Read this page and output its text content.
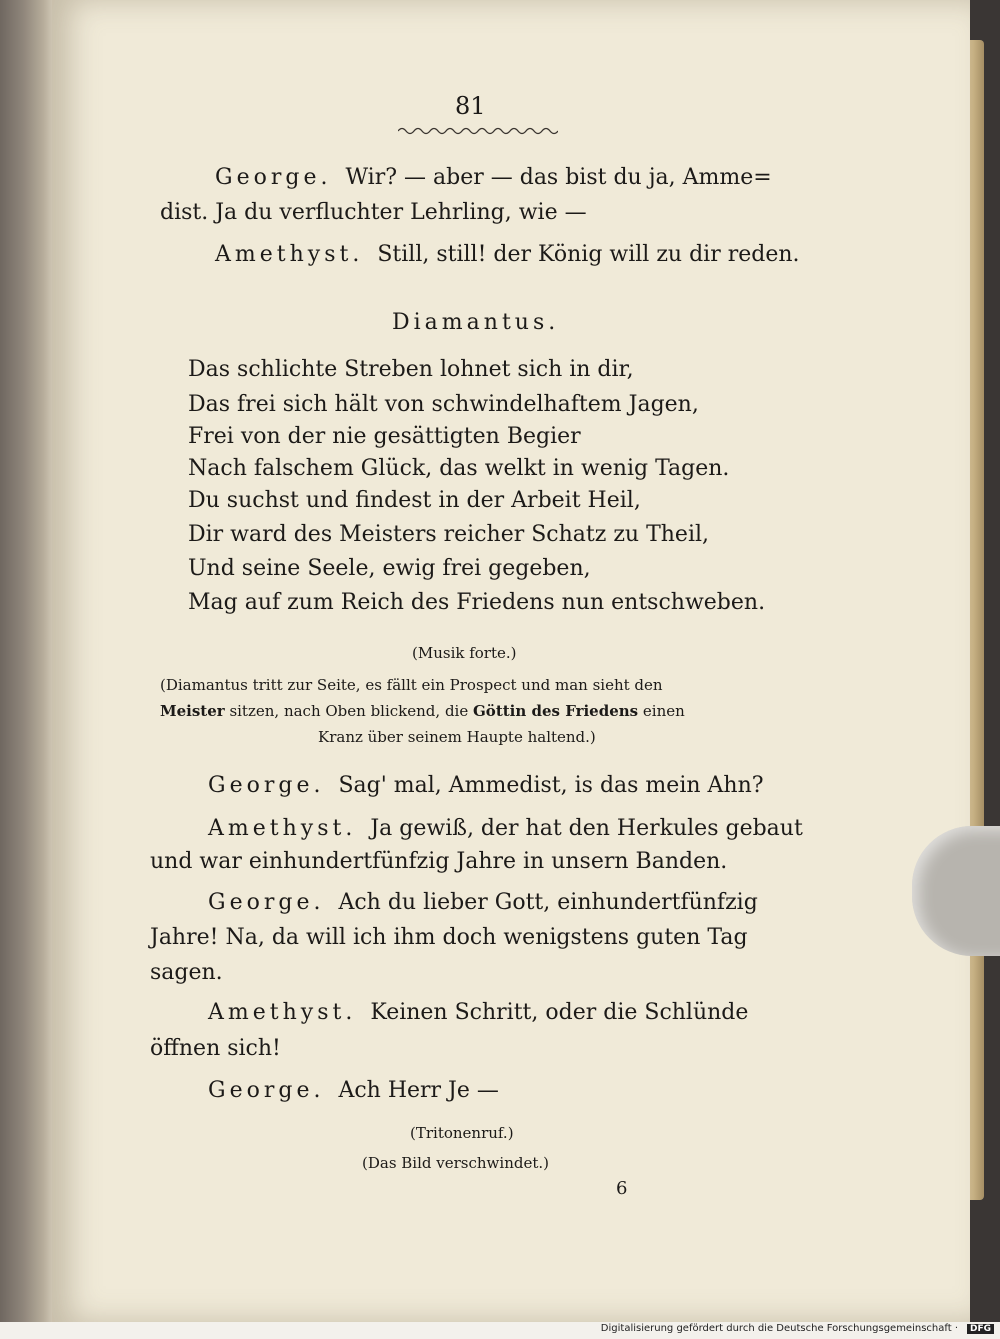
81
George. Wir? — aber — das bist du ja, Amme=
dist. Ja du verfluchter Lehrling, wie —
Amethyst. Still, still! der König will zu dir reden.
Diamantus.
Das schlichte Streben lohnet sich in dir,
Das frei sich hält von schwindelhaftem Jagen,
Frei von der nie gesättigten Begier
Nach falschem Glück, das welkt in wenig Tagen.
Du suchst und findest in der Arbeit Heil,
Dir ward des Meisters reicher Schatz zu Theil,
Und seine Seele, ewig frei gegeben,
Mag auf zum Reich des Friedens nun entschweben.
(Musik forte.)
(Diamantus tritt zur Seite, es fällt ein Prospect und man sieht den
Meister sitzen, nach Oben blickend, die Göttin des Friedens einen
Kranz über seinem Haupte haltend.)
George. Sag' mal, Ammedist, is das mein Ahn?
Amethyst. Ja gewiß, der hat den Herkules gebaut
und war einhundertfünfzig Jahre in unsern Banden.
George. Ach du lieber Gott, einhundertfünfzig
Jahre! Na, da will ich ihm doch wenigstens guten Tag
sagen.
Amethyst. Keinen Schritt, oder die Schlünde
öffnen sich!
George. Ach Herr Je —
(Tritonenruf.)
(Das Bild verschwindet.)
6
Digitalisierung gefördert durch die Deutsche Forschungsgemeinschaft ·	DFG
